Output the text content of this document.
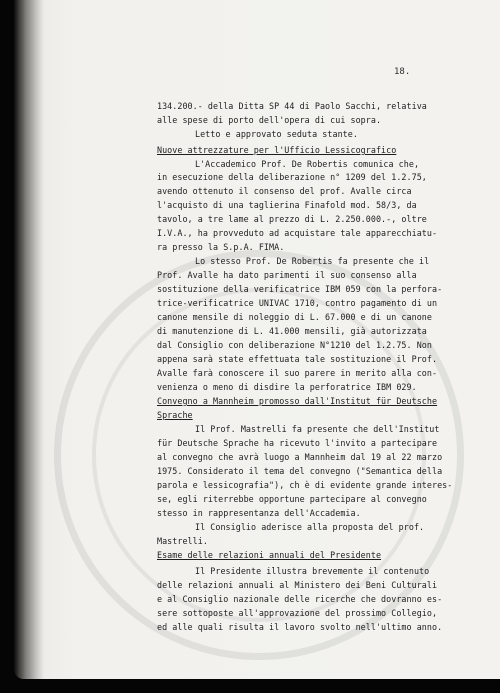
18.
134.200.- della Ditta SP 44 di Paolo Sacchi, relativa
alle spese di porto dell'opera di cui sopra.
Letto e approvato seduta stante.
Nuove attrezzature per l'Ufficio Lessicografico
L'Accademico Prof. De Robertis comunica che,
in esecuzione della deliberazione n° 1209 del 1.2.75,
avendo ottenuto il consenso del prof. Avalle circa
l'acquisto di una taglierina Finafold mod. 58/3, da
tavolo, a tre lame al prezzo di L. 2.250.000.-, oltre
I.V.A., ha provveduto ad acquistare tale apparecchiatu-
ra presso la S.p.A. FIMA.
Lo stesso Prof. De Robertis fa presente che il
Prof. Avalle ha dato parimenti il suo consenso alla
sostituzione della verificatrice IBM 059 con la perfora-
trice-verificatrice UNIVAC 1710, contro pagamento di un
canone mensile di noleggio di L. 67.000 e di un canone
di manutenzione di L. 41.000 mensili, già autorizzata
dal Consiglio con deliberazione N°1210 del 1.2.75. Non
appena sarà state effettuata tale sostituzione il Prof.
Avalle farà conoscere il suo parere in merito alla con-
venienza o meno di disdire la perforatrice IBM 029.
Convegno a Mannheim promosso dall'Institut für Deutsche
Sprache
Il Prof. Mastrelli fa presente che dell'Institut
für Deutsche Sprache ha ricevuto l'invito a partecipare
al convegno che avrà luogo a Mannheim dal 19 al 22 marzo
1975. Considerato il tema del convegno ("Semantica della
parola e lessicografia"), ch è di evidente grande interes-
se, egli riterrebbe opportune partecipare al convegno
stesso in rappresentanza dell'Accademia.
Il Consiglio aderisce alla proposta del prof.
Mastrelli.
Esame delle relazioni annuali del Presidente
Il Presidente illustra brevemente il contenuto
delle relazioni annuali al Ministero dei Beni Culturali
e al Consiglio nazionale delle ricerche che dovranno es-
sere sottoposte all'approvazione del prossimo Collegio,
ed alle quali risulta il lavoro svolto nell'ultimo anno.
